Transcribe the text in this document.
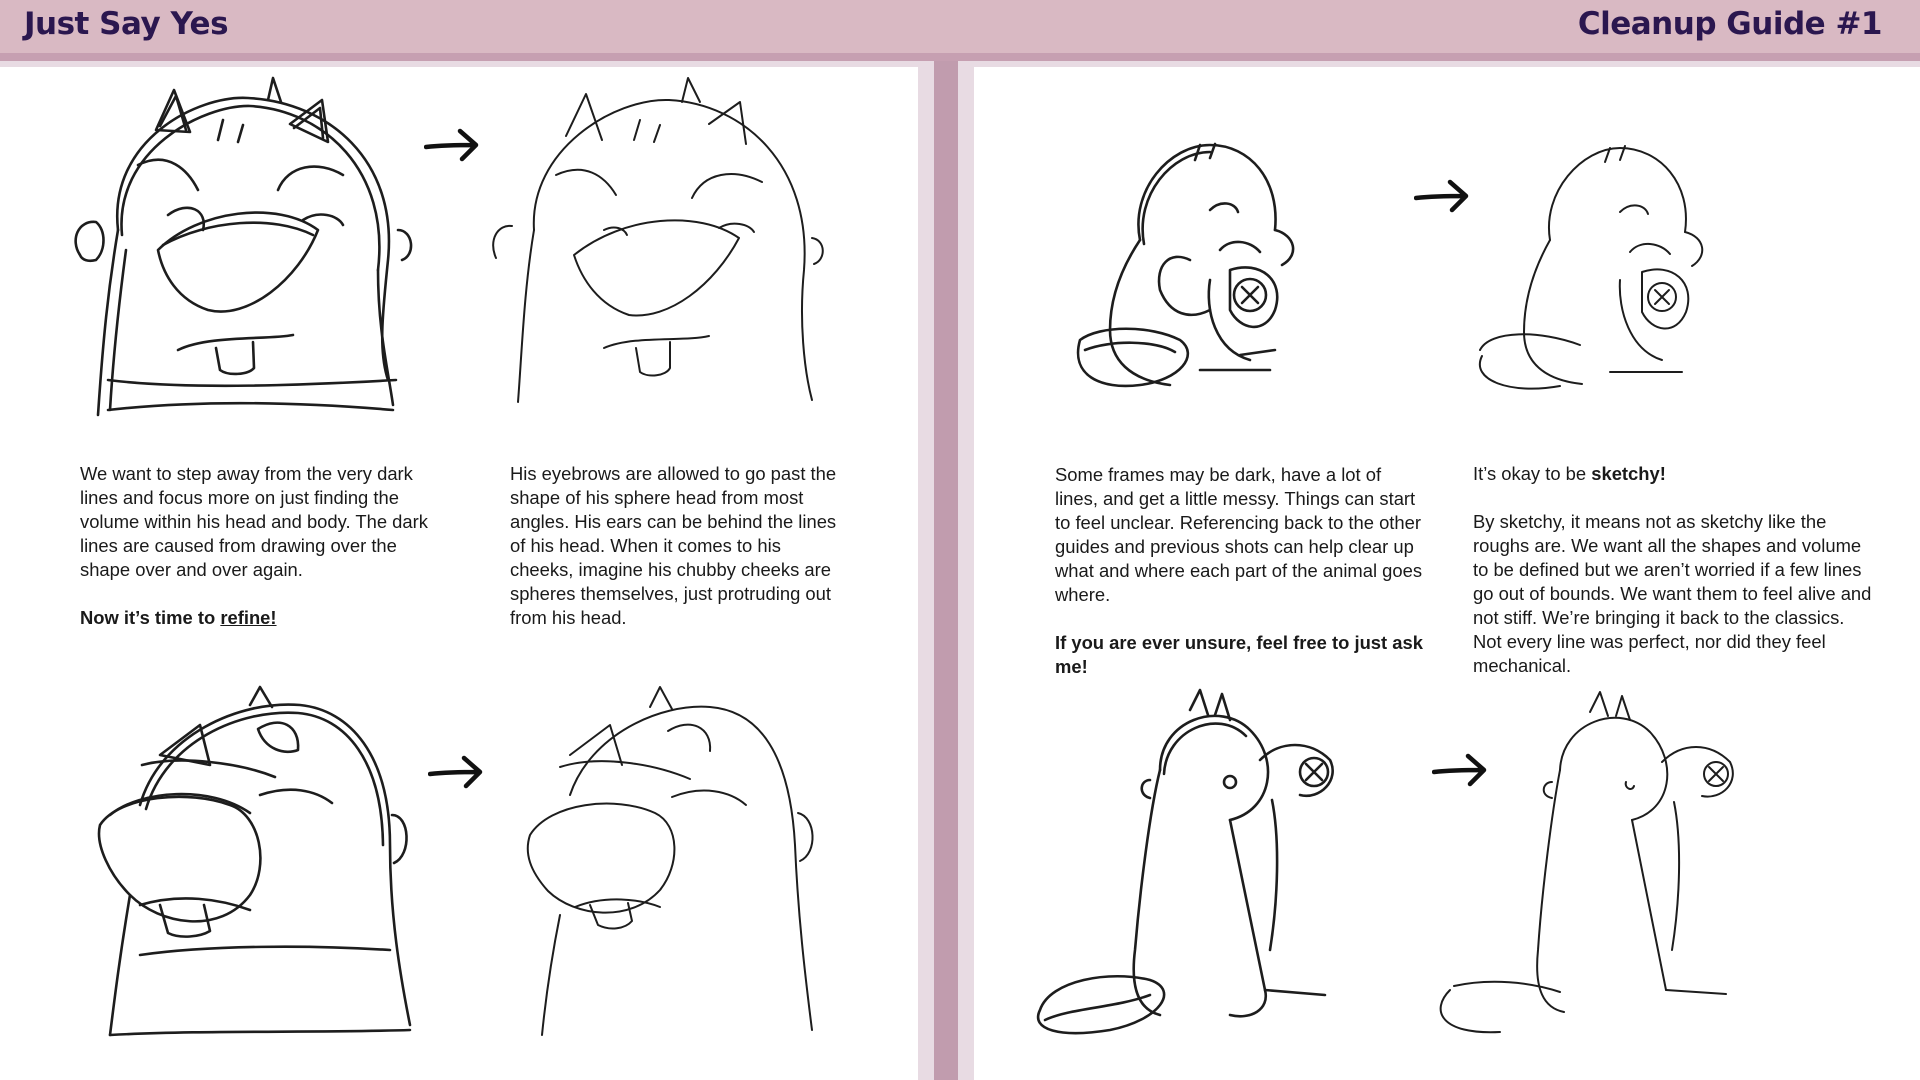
Just Say Yes	Cleanup Guide #1

We want to step away from the very dark lines and focus more on just finding the volume within his head and body. The dark lines are caused from drawing over the shape over and over again.

Now it’s time to refine!

His eyebrows are allowed to go past the shape of his sphere head from most angles. His ears can be behind the lines of his head. When it comes to his cheeks, imagine his chubby cheeks are spheres themselves, just protruding out from his head.

Some frames may be dark, have a lot of lines, and get a little messy. Things can start to feel unclear. Referencing back to the other guides and previous shots can help clear up what and where each part of the animal goes where.

If you are ever unsure, feel free to just ask me!

It’s okay to be sketchy!

By sketchy, it means not as sketchy like the roughs are. We want all the shapes and volume to be defined but we aren’t worried if a few lines go out of bounds. We want them to feel alive and not stiff. We’re bringing it back to the classics. Not every line was perfect, nor did they feel mechanical.
